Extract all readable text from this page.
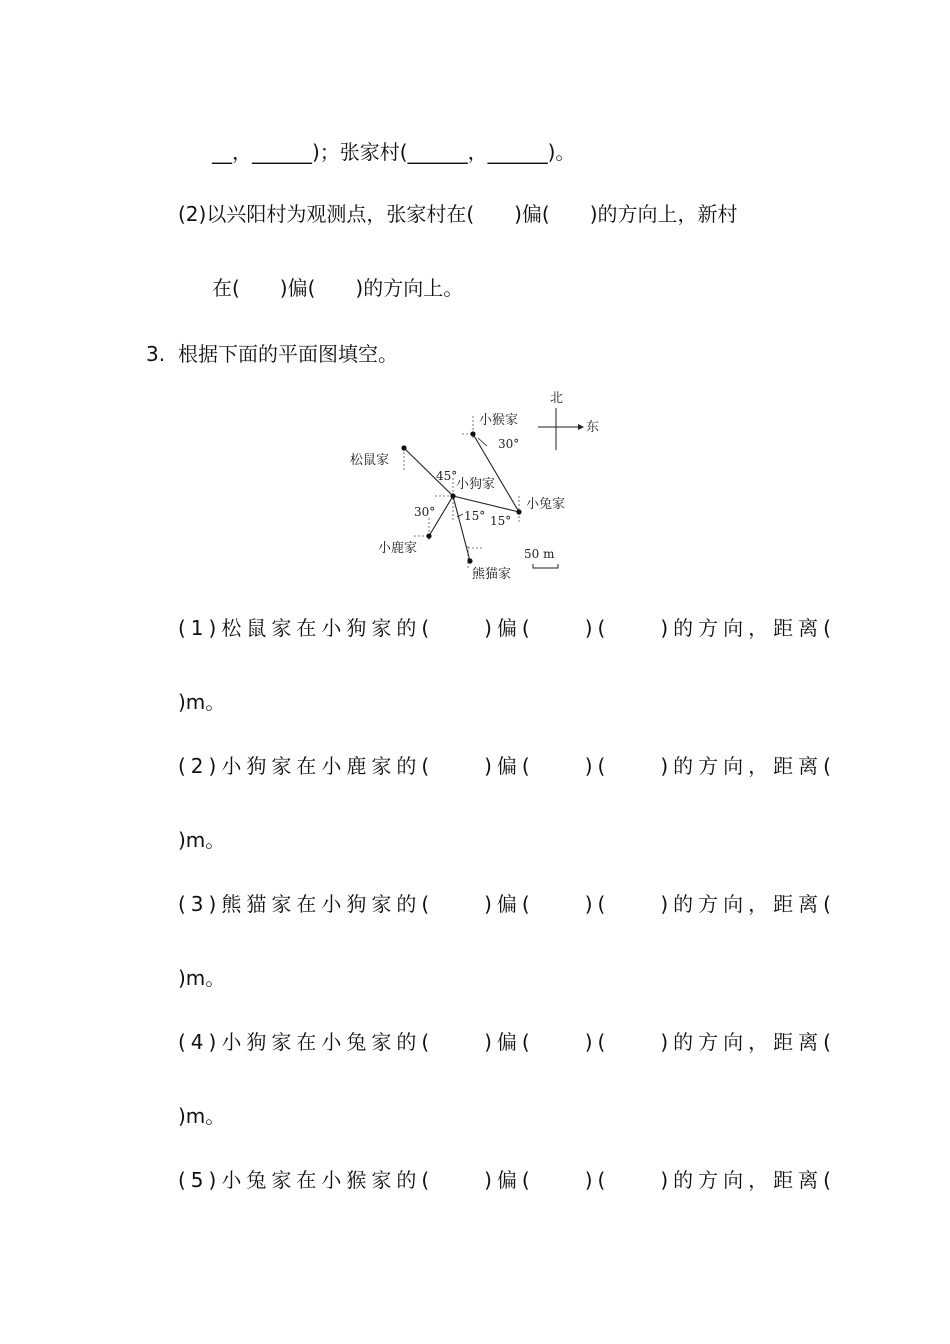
__，______)；张家村(______，______)。
(2)以兴阳村为观测点，张家村在(　　)偏(　　)的方向上，新村
在(　　)偏(　　)的方向上。
3. 根据下面的平面图填空。
北
东
小猴家
松鼠家
小狗家
小兔家
小鹿家
熊猫家
45°
30°
30° 15° 15°
50 m
(1)松鼠家在小狗家的(　　)偏(　　)(　　)的方向，距离(
)m。
(2)小狗家在小鹿家的(　　)偏(　　)(　　)的方向，距离(
)m。
(3)熊猫家在小狗家的(　　)偏(　　)(　　)的方向，距离(
)m。
(4)小狗家在小兔家的(　　)偏(　　)(　　)的方向，距离(
)m。
(5)小兔家在小猴家的(　　)偏(　　)(　　)的方向，距离(
